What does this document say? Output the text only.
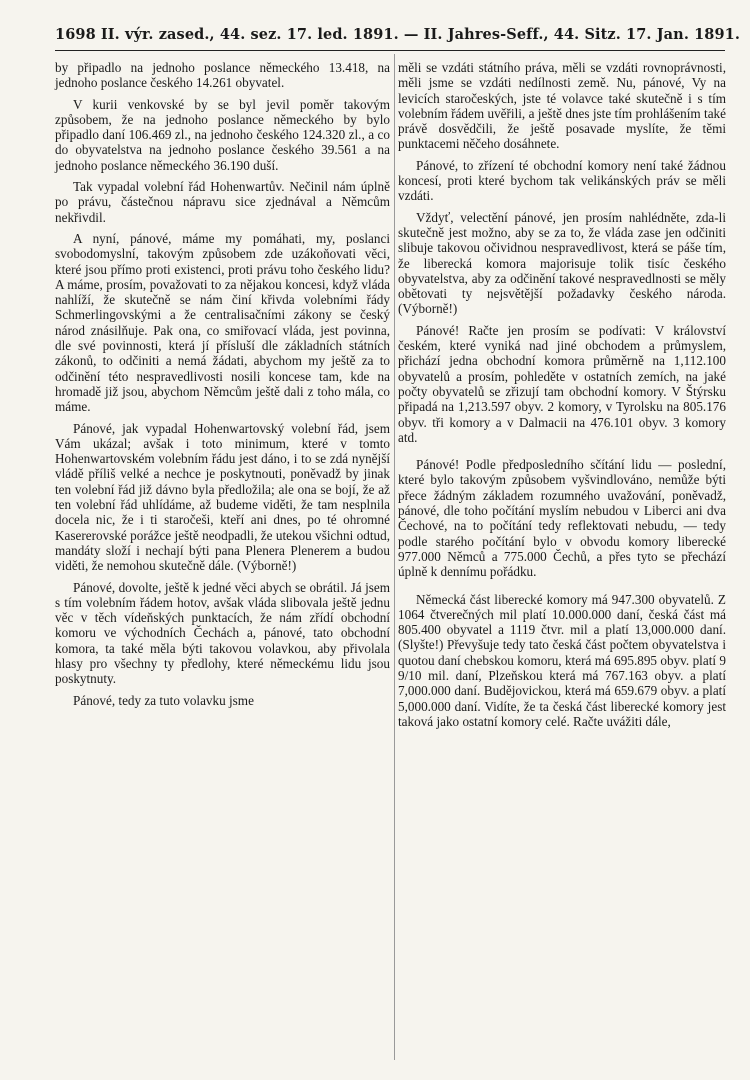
1698 II. výr. zased., 44. sez. 17. led. 1891. — II. Jahres-Seff., 44. Sitz. 17. Jan. 1891.

by připadlo na jednoho poslance německého 13.418, na jednoho poslance českého 14.261 obyvatel.

V kurii venkovské by se byl jevil poměr takovým způsobem, že na jednoho poslance německého by bylo připadlo daní 106.469 zl., na jednoho českého 124.320 zl., a co do obyvatelstva na jednoho poslance českého 39.561 a na jednoho poslance německého 36.190 duší.

Tak vypadal volební řád Hohenwartův. Nečinil nám úplně po právu, částečnou nápravu sice zjednával a Němcům nekřivdil.

A nyní, pánové, máme my pomáhati, my, poslanci svobodomyslní, takovým způsobem zde uzákoňovati věci, které jsou přímo proti existenci, proti právu toho českého lidu? A máme, prosím, považovati to za nějakou koncesi, když vláda nahlíží, že skutečně se nám činí křivda volebními řády Schmerlingovskými a že centralisačními zákony se český národ znásilňuje. Pak ona, co smiřovací vláda, jest povinna, dle své povinnosti, která jí přísluší dle základních státních zákonů, to odčiniti a nemá žádati, abychom my ještě za to odčinění této nespravedlivosti nosili koncese tam, kde na hromadě již jsou, abychom Němcům ještě dali z toho mála, co máme.

Pánové, jak vypadal Hohenwartovský volební řád, jsem Vám ukázal; avšak i toto minimum, které v tomto Hohenwartovském volebním řádu jest dáno, i to se zdá nynější vládě příliš velké a nechce je poskytnouti, poněvadž by jinak ten volební řád již dávno byla předložila; ale ona se bojí, že až ten volební řád uhlídáme, až budeme viděti, že tam nesplnila docela nic, že i ti staročeši, kteří ani dnes, po té ohromné Kasererovské porážce ještě neodpadli, že utekou všichni odtud, mandáty složí i nechají býti pana Plenera Plenerem a budou viděti, že nemohou skutečně dále. (Výborně!)

Pánové, dovolte, ještě k jedné věci abych se obrátil. Já jsem s tím volebním řádem hotov, avšak vláda slibovala ještě jednu věc v těch vídeňských punktacích, že nám zřídí obchodní komoru ve východních Čechách a, pánové, tato obchodní komora, ta také měla býti takovou volavkou, aby přivolala hlasy pro všechny ty předlohy, které německému lidu jsou poskytnuty.

Pánové, tedy za tuto volavku jsme

měli se vzdáti státního práva, měli se vzdáti rovnoprávnosti, měli jsme se vzdáti nedílnosti země. Nu, pánové, Vy na levicích staročeských, jste té volavce také skutečně i s tím volebním řádem uvěřili, a ještě dnes jste tím prohlášením také právě dosvědčili, že ještě posavade myslíte, že těmi punktacemi něčeho dosáhnete.

Pánové, to zřízení té obchodní komory není také žádnou koncesí, proti které bychom tak velikánských práv se měli vzdáti.

Vždyť, velectění pánové, jen prosím nahlédněte, zda-li skutečně jest možno, aby se za to, že vláda zase jen odčiniti slibuje takovou očividnou nespravedlivost, která se páše tím, že liberecká komora majorisuje tolik tisíc českého obyvatelstva, aby za odčinění takové nespravedlnosti se měly obětovati ty nejsvětější požadavky českého národa. (Výborně!)

Pánové! Račte jen prosím se podívati: V království českém, které vyniká nad jiné obchodem a průmyslem, přichází jedna obchodní komora průměrně na 1,112.100 obyvatelů a prosím, pohleděte v ostatních zemích, na jaké počty obyvatelů se zřizují tam obchodní komory. V Štýrsku připadá na 1,213.597 obyv. 2 komory, v Tyrolsku na 805.176 obyv. tři komory a v Dalmacii na 476.101 obyv. 3 komory atd.

Pánové! Podle předposledního sčítání lidu — poslední, které bylo takovým způsobem vyšvindlováno, nemůže býti přece žádným základem rozumného uvažování, poněvadž, pánové, dle toho počítání myslím nebudou v Liberci ani dva Čechové, na to počítání tedy reflektovati nebudu, — tedy podle starého počítání bylo v obvodu komory liberecké 977.000 Němců a 775.000 Čechů, a přes tyto se přechází úplně k dennímu pořádku.

Německá část liberecké komory má 947.300 obyvatelů. Z 1064 čtverečných mil platí 10.000.000 daní, česká část má 805.400 obyvatel a 1119 čtvr. mil a platí 13,000.000 daní. (Slyšte!) Převyšuje tedy tato česká část počtem obyvatelstva i quotou daní chebskou komoru, která má 695.895 obyv. platí 9 9/10 mil. daní, Plzeňskou která má 767.163 obyv. a platí 7,000.000 daní. Budějovickou, která má 659.679 obyv. a platí 5,000.000 daní. Vidíte, že ta česká část liberecké komory jest taková jako ostatní komory celé. Račte uvážiti dále,
